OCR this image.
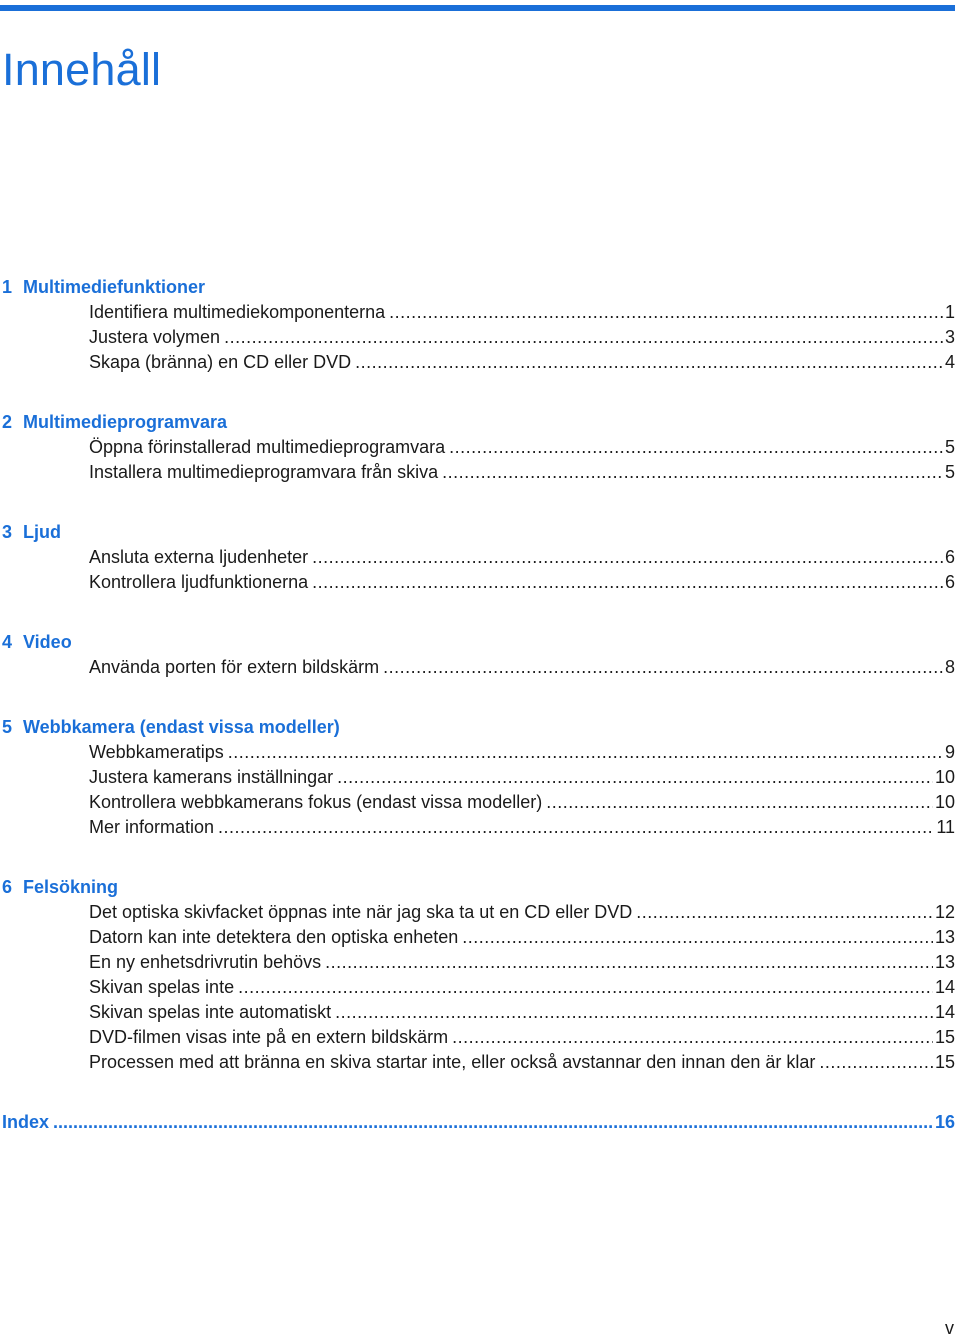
Innehåll
1 Multimediefunktioner
Identifiera multimediekomponenterna .....	1
Justera volymen .....	3
Skapa (bränna) en CD eller DVD .....	4
2 Multimedieprogramvara
Öppna förinstallerad multimedieprogramvara .....	5
Installera multimedieprogramvara från skiva .....	5
3 Ljud
Ansluta externa ljudenheter .....	6
Kontrollera ljudfunktionerna .....	6
4 Video
Använda porten för extern bildskärm .....	8
5 Webbkamera (endast vissa modeller)
Webbkameratips .....	9
Justera kamerans inställningar .....	10
Kontrollera webbkamerans fokus (endast vissa modeller) .....	10
Mer information .....	11
6 Felsökning
Det optiska skivfacket öppnas inte när jag ska ta ut en CD eller DVD .....	12
Datorn kan inte detektera den optiska enheten .....	13
En ny enhetsdrivrutin behövs .....	13
Skivan spelas inte .....	14
Skivan spelas inte automatiskt .....	14
DVD-filmen visas inte på en extern bildskärm .....	15
Processen med att bränna en skiva startar inte, eller också avstannar den innan den är klar .....	15
Index .....	16
v
